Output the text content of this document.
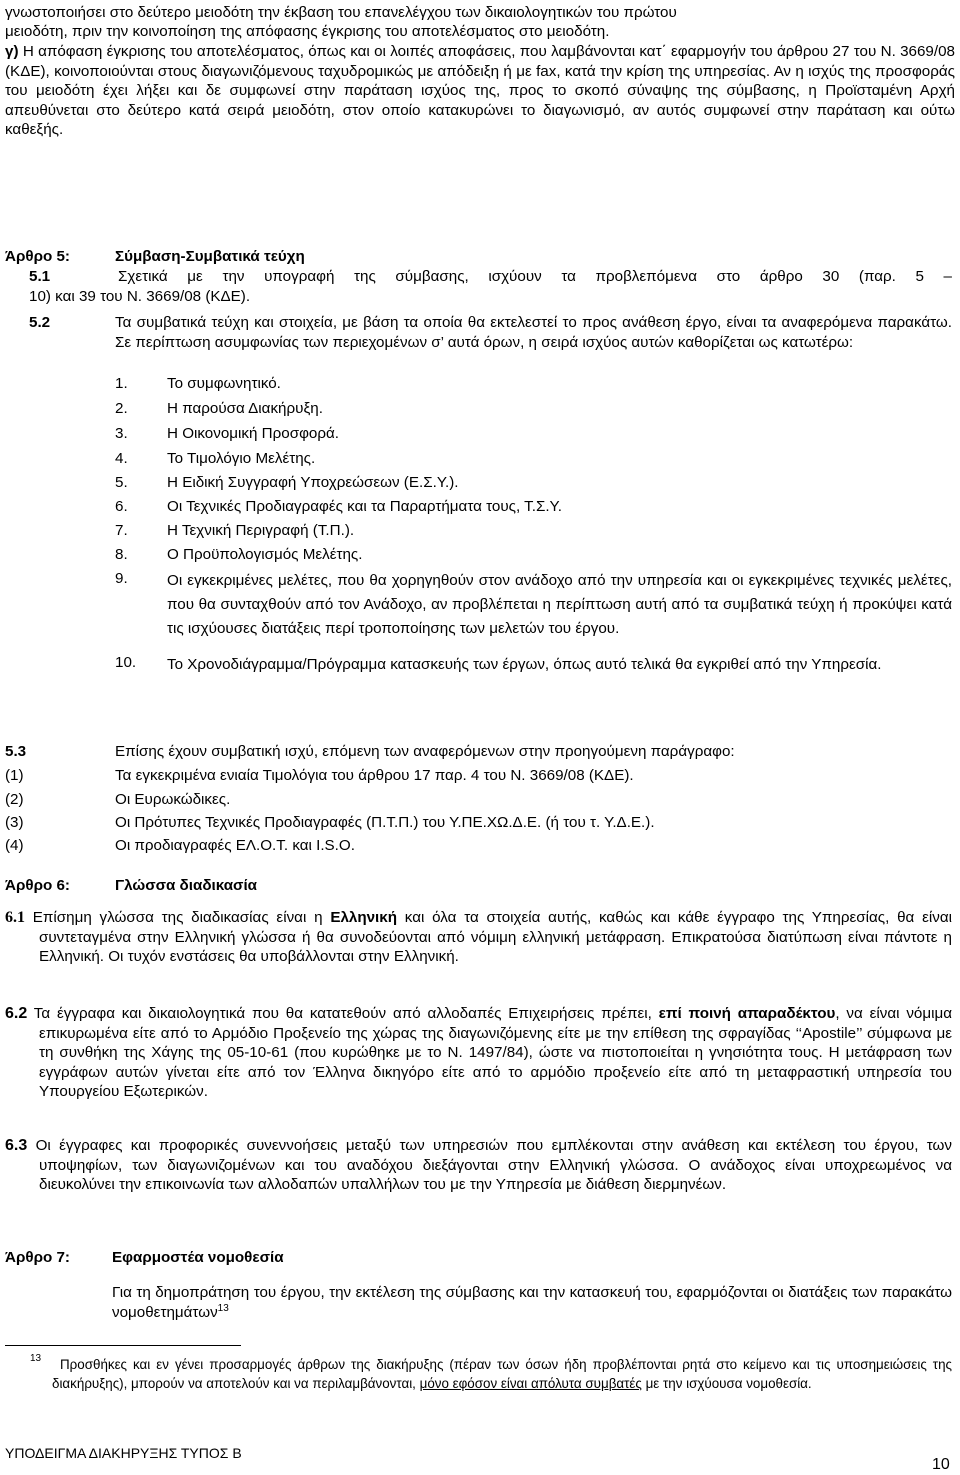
γνωστοποιήσει στο δεύτερο μειοδότη την έκβαση του επανελέγχου των δικαιολογητικών του πρώτου
μειοδότη, πριν την κοινοποίηση της απόφασης έγκρισης του αποτελέσματος στο μειοδότη.
γ) Η απόφαση έγκρισης του αποτελέσματος, όπως και οι λοιπές αποφάσεις, που λαμβάνονται κατ΄ εφαρμογήν του άρθρου 27 του Ν. 3669/08 (ΚΔΕ), κοινοποιούνται στους διαγωνιζόμενους ταχυδρομικώς με απόδειξη ή με fax, κατά την κρίση της υπηρεσίας. Αν η ισχύς της προσφοράς του μειοδότη έχει λήξει και δε συμφωνεί στην παράταση ισχύος της, προς το σκοπό σύναψης της σύμβασης, η Προϊσταμένη Αρχή απευθύνεται στο δεύτερο κατά σειρά μειοδότη, στον οποίο κατακυρώνει το διαγωνισμό, αν αυτός συμφωνεί στην παράταση και ούτω καθεξής.
Άρθρο 5:	Σύμβαση-Συμβατικά τεύχη
5.1	Σχετικά με την υπογραφή της σύμβασης, ισχύουν τα προβλεπόμενα στο άρθρο 30 (παρ. 5 –
10) και 39 του Ν. 3669/08 (ΚΔΕ).
5.2	Τα συμβατικά τεύχη και στοιχεία, με βάση τα οποία θα εκτελεστεί το προς ανάθεση έργο, είναι τα αναφερόμενα παρακάτω. Σε περίπτωση ασυμφωνίας των περιεχομένων σ’ αυτά όρων, η σειρά ισχύος αυτών καθορίζεται ως κατωτέρω:
1.	Το συμφωνητικό.
2.	Η παρούσα Διακήρυξη.
3.	Η Οικονομική Προσφορά.
4.	Το Τιμολόγιο Μελέτης.
5.	Η Ειδική Συγγραφή Υποχρεώσεων (Ε.Σ.Υ.).
6.	Οι Τεχνικές Προδιαγραφές και τα Παραρτήματα τους, Τ.Σ.Υ.
7.	Η Τεχνική Περιγραφή (Τ.Π.).
8.	Ο Προϋπολογισμός Μελέτης.
9.	Οι εγκεκριμένες μελέτες, που θα χορηγηθούν στον ανάδοχο από την υπηρεσία και οι εγκεκριμένες τεχνικές μελέτες, που θα συνταχθούν από τον Ανάδοχο, αν προβλέπεται η περίπτωση αυτή από τα συμβατικά τεύχη ή προκύψει κατά τις ισχύουσες διατάξεις περί τροποποίησης των μελετών του έργου.
10. Το Χρονοδιάγραμμα/Πρόγραμμα κατασκευής των έργων, όπως αυτό τελικά θα εγκριθεί από την Υπηρεσία.
5.3	Επίσης έχουν συμβατική ισχύ, επόμενη των αναφερόμενων στην προηγούμενη παράγραφο:
(1)	Τα εγκεκριμένα ενιαία Τιμολόγια του άρθρου 17 παρ. 4 του Ν. 3669/08 (ΚΔΕ).
(2)	Οι Ευρωκώδικες.
(3)	Οι Πρότυπες Τεχνικές Προδιαγραφές (Π.Τ.Π.) του Υ.ΠΕ.ΧΩ.Δ.Ε. (ή του τ. Υ.Δ.Ε.).
(4)	Οι προδιαγραφές ΕΛ.Ο.Τ. και I.S.O.
Άρθρο 6:	Γλώσσα διαδικασία
6.1 Επίσημη γλώσσα της διαδικασίας είναι η Ελληνική και όλα τα στοιχεία αυτής, καθώς και κάθε έγγραφο της Υπηρεσίας, θα είναι συντεταγμένα στην Ελληνική γλώσσα ή θα συνοδεύονται από νόμιμη ελληνική μετάφραση. Επικρατούσα διατύπωση είναι πάντοτε η Ελληνική. Οι τυχόν ενστάσεις θα υποβάλλονται στην Ελληνική.
6.2 Τα έγγραφα και δικαιολογητικά που θα κατατεθούν από αλλοδαπές Επιχειρήσεις πρέπει, επί ποινή απαραδέκτου, να είναι νόμιμα επικυρωμένα είτε από το Αρμόδιο Προξενείο της χώρας της διαγωνιζόμενης είτε με την επίθεση της σφραγίδας ‘‘Apostile’’ σύμφωνα με τη συνθήκη της Χάγης της 05-10-61 (που κυρώθηκε με το Ν. 1497/84), ώστε να πιστοποιείται η γνησιότητα τους. Η μετάφραση των εγγράφων αυτών γίνεται είτε από τον Έλληνα δικηγόρο είτε από το αρμόδιο προξενείο είτε από τη μεταφραστική υπηρεσία του Υπουργείου Εξωτερικών.
6.3 Οι έγγραφες και προφορικές συνεννοήσεις μεταξύ των υπηρεσιών που εμπλέκονται στην ανάθεση και εκτέλεση του έργου, των υποψηφίων, των διαγωνιζομένων και του αναδόχου διεξάγονται στην Ελληνική γλώσσα. Ο ανάδοχος είναι υποχρεωμένος να διευκολύνει την επικοινωνία των αλλοδαπών υπαλλήλων του με την Υπηρεσία με διάθεση διερμηνέων.
Άρθρο 7:	Εφαρμοστέα νομοθεσία
Για τη δημοπράτηση του έργου, την εκτέλεση της σύμβασης και την κατασκευή του, εφαρμόζονται οι διατάξεις των παρακάτω νομοθετημάτων$^{13}$
13	Προσθήκες και εν γένει προσαρμογές άρθρων της διακήρυξης (πέραν των όσων ήδη προβλέπονται ρητά στο κείμενο και τις υποσημειώσεις της διακήρυξης), μπορούν να αποτελούν και να περιλαμβάνονται, μόνο εφόσον είναι απόλυτα συμβατές με την ισχύουσα νομοθεσία.
ΥΠΟΔΕΙΓΜΑ ΔΙΑΚΗΡΥΞΗΣ ΤΥΠΟΣ Β
10
